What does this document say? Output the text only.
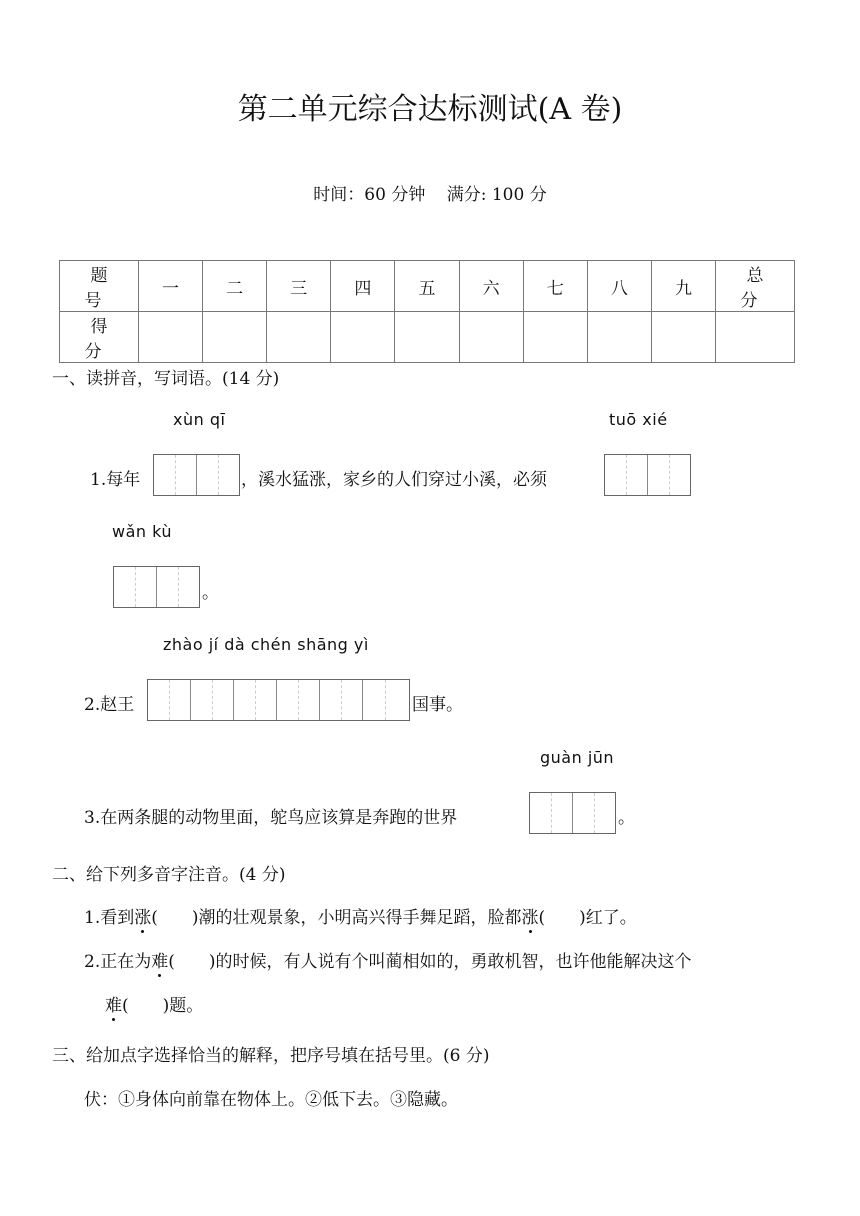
第二单元综合达标测试(A 卷)
时间：60 分钟 满分: 100 分
题 号	一	二	三	四	五	六	七	八	九	总 分
得 分										
一、读拼音，写词语。(14 分)
xùn qī	tuō xié
1.每年	，溪水猛涨，家乡的人们穿过小溪，必须
wǎn kù
。
zhào jí dà chén shāng yì
2.赵王	国事。
guàn jūn
3.在两条腿的动物里面，鸵鸟应该算是奔跑的世界	。
二、给下列多音字注音。(4 分)
1.看到涨(　　)潮的壮观景象，小明高兴得手舞足蹈，脸都涨(　　)红了。
2.正在为难(　　)的时候，有人说有个叫蔺相如的，勇敢机智，也许他能解决这个
难(　　)题。
三、给加点字选择恰当的解释，把序号填在括号里。(6 分)
伏：①身体向前靠在物体上。②低下去。③隐藏。
